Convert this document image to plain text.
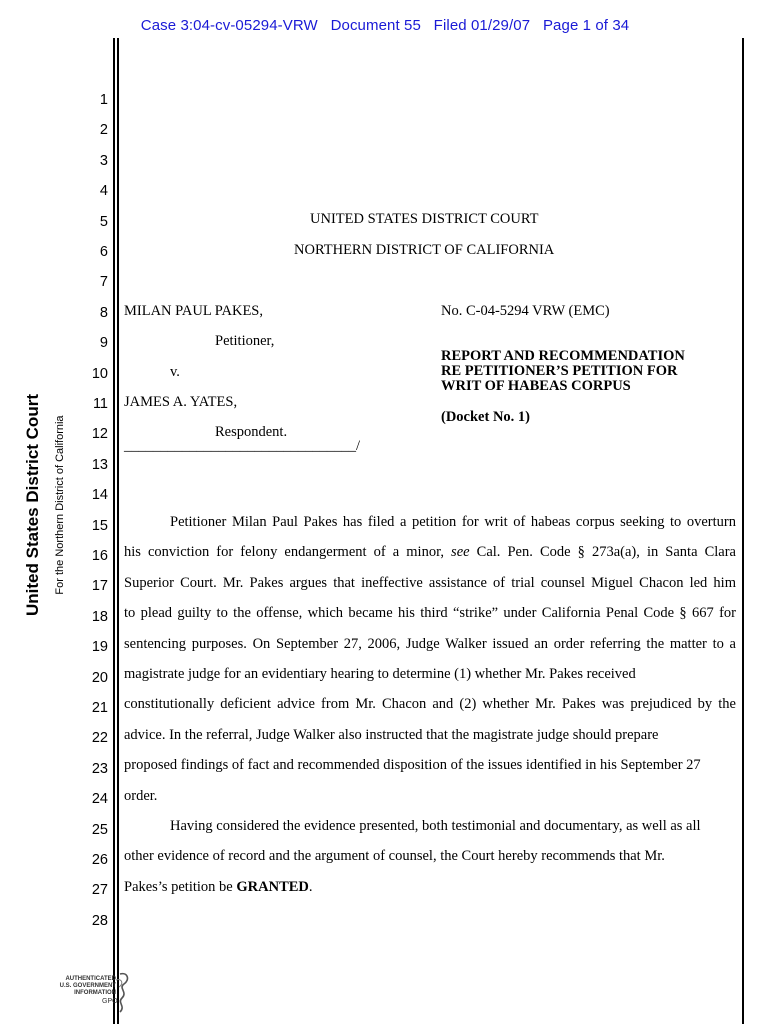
Case 3:04-cv-05294-VRW   Document 55   Filed 01/29/07   Page 1 of 34
United States District Court For the Northern District of California
1
2
3
4
5
6
7
8
9
10
11
12
13
14
15
16
17
18
19
20
21
22
23
24
25
26
27
28
UNITED STATES DISTRICT COURT
NORTHERN DISTRICT OF CALIFORNIA
MILAN PAUL PAKES,
Petitioner,
v.
JAMES A. YATES,
Respondent.
________________________________/
No. C-04-5294 VRW (EMC)
REPORT AND RECOMMENDATION
RE PETITIONER’S PETITION FOR
WRIT OF HABEAS CORPUS
(Docket No. 1)
Petitioner Milan Paul Pakes has filed a petition for writ of habeas corpus seeking to overturn
his conviction for felony endangerment of a minor, see Cal. Pen. Code § 273a(a), in Santa Clara
Superior Court. Mr. Pakes argues that ineffective assistance of trial counsel Miguel Chacon led him
to plead guilty to the offense, which became his third “strike” under California Penal Code § 667 for
sentencing purposes. On September 27, 2006, Judge Walker issued an order referring the matter to a
magistrate judge for an evidentiary hearing to determine (1) whether Mr. Pakes received
constitutionally deficient advice from Mr. Chacon and (2) whether Mr. Pakes was prejudiced by the
advice. In the referral, Judge Walker also instructed that the magistrate judge should prepare
proposed findings of fact and recommended disposition of the issues identified in his September 27
order.
Having considered the evidence presented, both testimonial and documentary, as well as all
other evidence of record and the argument of counsel, the Court hereby recommends that Mr.
Pakes’s petition be GRANTED.
AUTHENTICATED
U.S. GOVERNMENT
INFORMATION
GPO
